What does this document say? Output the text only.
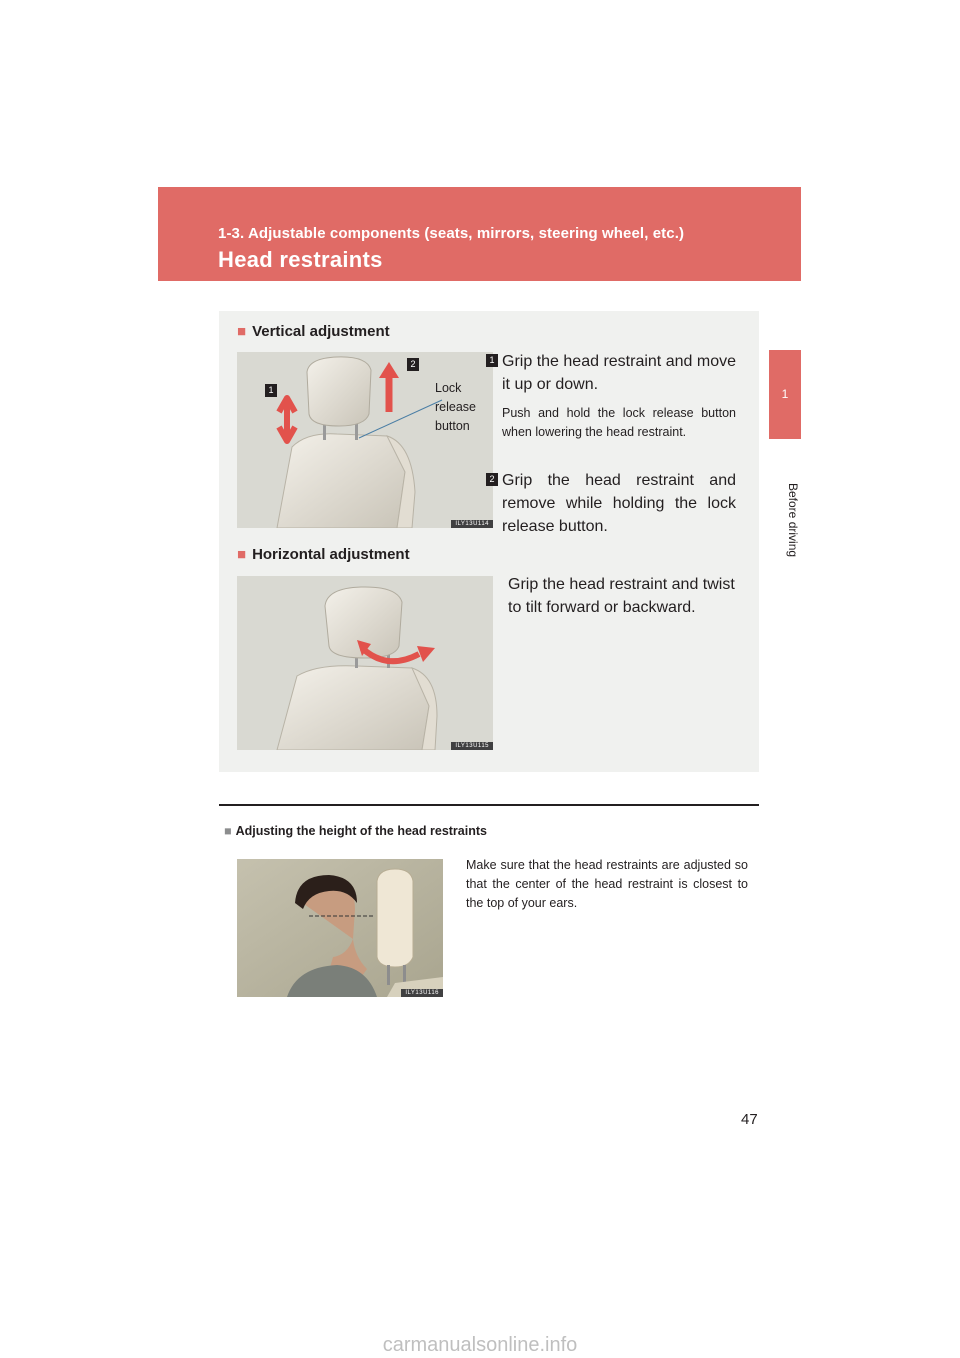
1-3. Adjustable components (seats, mirrors, steering wheel, etc.)
Head restraints
1
Before driving
■ Vertical adjustment
1
2
ILY13U114
Lock release button
1 Grip the head restraint and move it up or down.
Push and hold the lock release button when lowering the head restraint.
2 Grip the head restraint and remove while holding the lock release button.
■ Horizontal adjustment
ILY13U115
Grip the head restraint and twist to tilt forward or backward.
■ Adjusting the height of the head restraints
ILY13U116
Make sure that the head restraints are adjusted so that the center of the head restraint is closest to the top of your ears.
47
carmanualsonline.info
